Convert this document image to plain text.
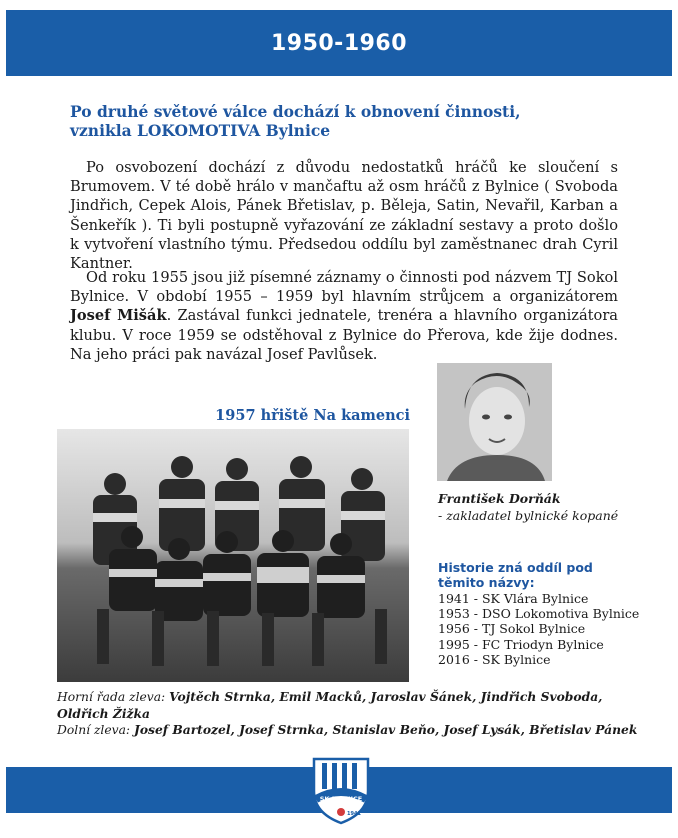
1950-1960
Po druhé světové válce dochází k obnovení činnosti,
vznikla LOKOMOTIVA Bylnice

Po osvobození dochází z důvodu nedostatků hráčů ke sloučení s Brumovem. V té době hrálo v mančaftu až osm hráčů z Bylnice ( Svoboda Jindřich, Cepek Alois, Pánek Břetislav, p. Běleja, Satin, Nevařil, Karban a Šenkeřík ). Ti byli postupně vyřazování ze základní sestavy a proto došlo k vytvoření vlastního týmu. Předsedou oddílu byl zaměstnanec drah Cyril Kantner.

Od roku 1955 jsou již písemné záznamy o činnosti pod názvem TJ Sokol Bylnice. V období 1955 – 1959 byl hlavním strůjcem a organizátorem Josef Mišák. Zastával funkci jednatele, trenéra a hlavního organizátora klubu. V roce 1959 se odstěhoval z Bylnice do Přerova, kde žije dodnes. Na jeho práci pak navázal Josef Pavlůsek.

1957 hřiště Na kamenci

František Dorňák

- zakladatel bylnické kopané

Historie zná oddíl pod těmito názvy:
1941 - SK Vlára Bylnice
1953 - DSO Lokomotiva Bylnice
1956 - TJ Sokol Bylnice
1995 - FC Triodyn Bylnice
2016 - SK Bylnice

Horní řada zleva: Vojtěch Strnka, Emil Macků, Jaroslav Šánek, Jindřich Svoboda, Oldřich Žižka
Dolní zleva: Josef Bartozel, Josef Strnka, Stanislav Beňo, Josef Lysák, Břetislav Pánek

SK BYLNICE
1941
